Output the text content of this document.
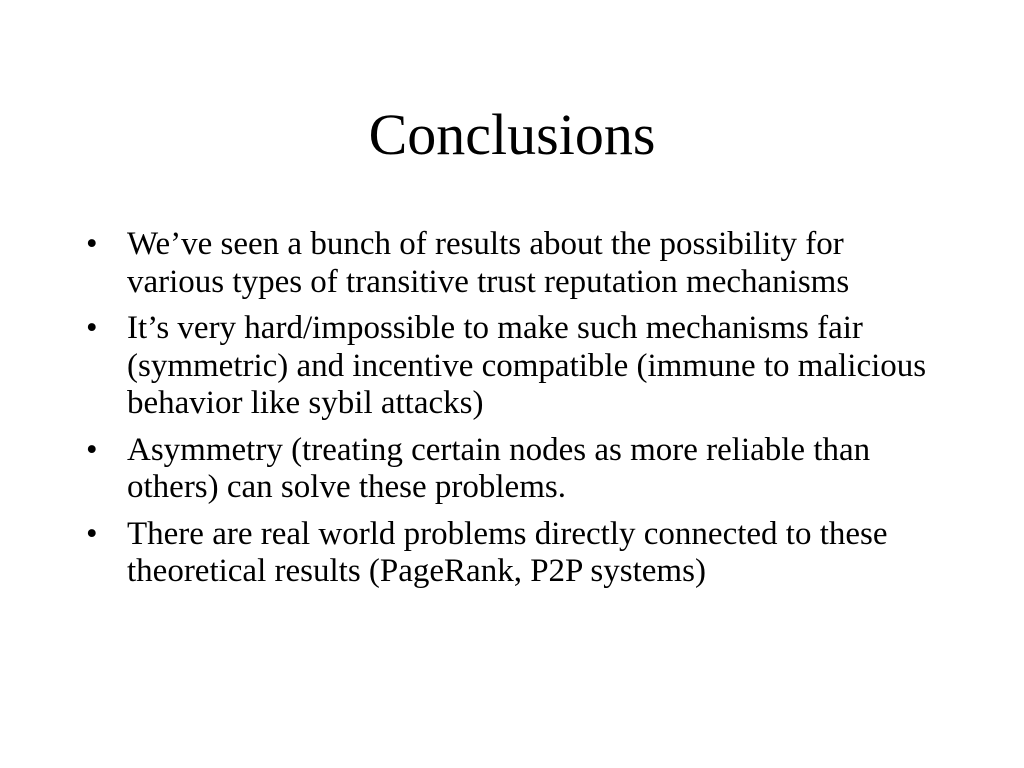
Conclusions
• We’ve seen a bunch of results about the possibility for various types of transitive trust reputation mechanisms
• It’s very hard/impossible to make such mechanisms fair (symmetric) and incentive compatible (immune to malicious behavior like sybil attacks)
• Asymmetry (treating certain nodes as more reliable than others) can solve these problems.
• There are real world problems directly connected to these theoretical results (PageRank, P2P systems)
